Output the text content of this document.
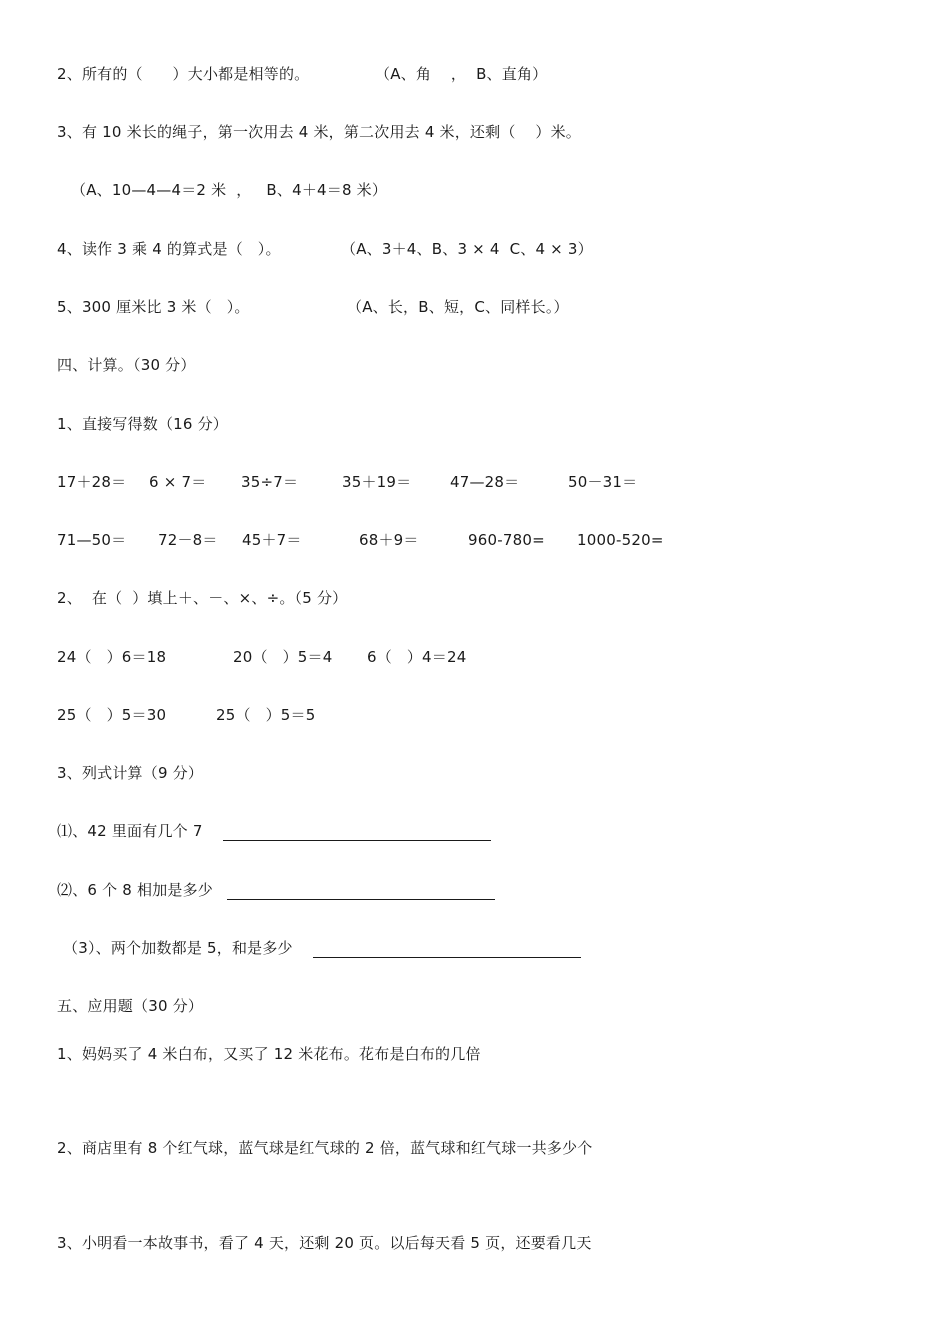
2、所有的（      ）大小都是相等的。

	（A、角    ，  B、直角）

3、有 10 米长的绳子，第一次用去 4 米，第二次用去 4 米，还剩（    ）米。

（A、10—4—4＝2 米  ，   B、4＋4＝8 米）

4、读作 3 乘 4 的算式是（   ）。

	（A、3＋4、B、3 × 4  C、4 × 3）

5、300 厘米比 3 米（   ）。

	（A、长，B、短，C、同样长。）

四、计算。（30 分）
1、直接写得数（16 分）

17＋28＝

6 × 7＝

35÷7＝

	35＋19＝

	47—28＝

	50－31＝

71—50＝

72－8＝

45＋7＝

	68＋9＝

	960-780=

1000-520=

2、  在（  ）填上＋、－、×、÷。（5 分）

24（   ）6＝18

	20（   ）5＝4

6（   ）4＝24

25（   ）5＝30

	25（   ）5＝5

3、列式计算（9 分）

⑴、42 里面有几个 7

⑵、6 个 8 相加是多少

（3）、两个加数都是 5，和是多少

五、应用题（30 分）
1、妈妈买了 4 米白布，又买了 12 米花布。花布是白布的几倍
2、商店里有 8 个红气球，蓝气球是红气球的 2 倍，蓝气球和红气球一共多少个
3、小明看一本故事书，看了 4 天，还剩 20 页。以后每天看 5 页，还要看几天
